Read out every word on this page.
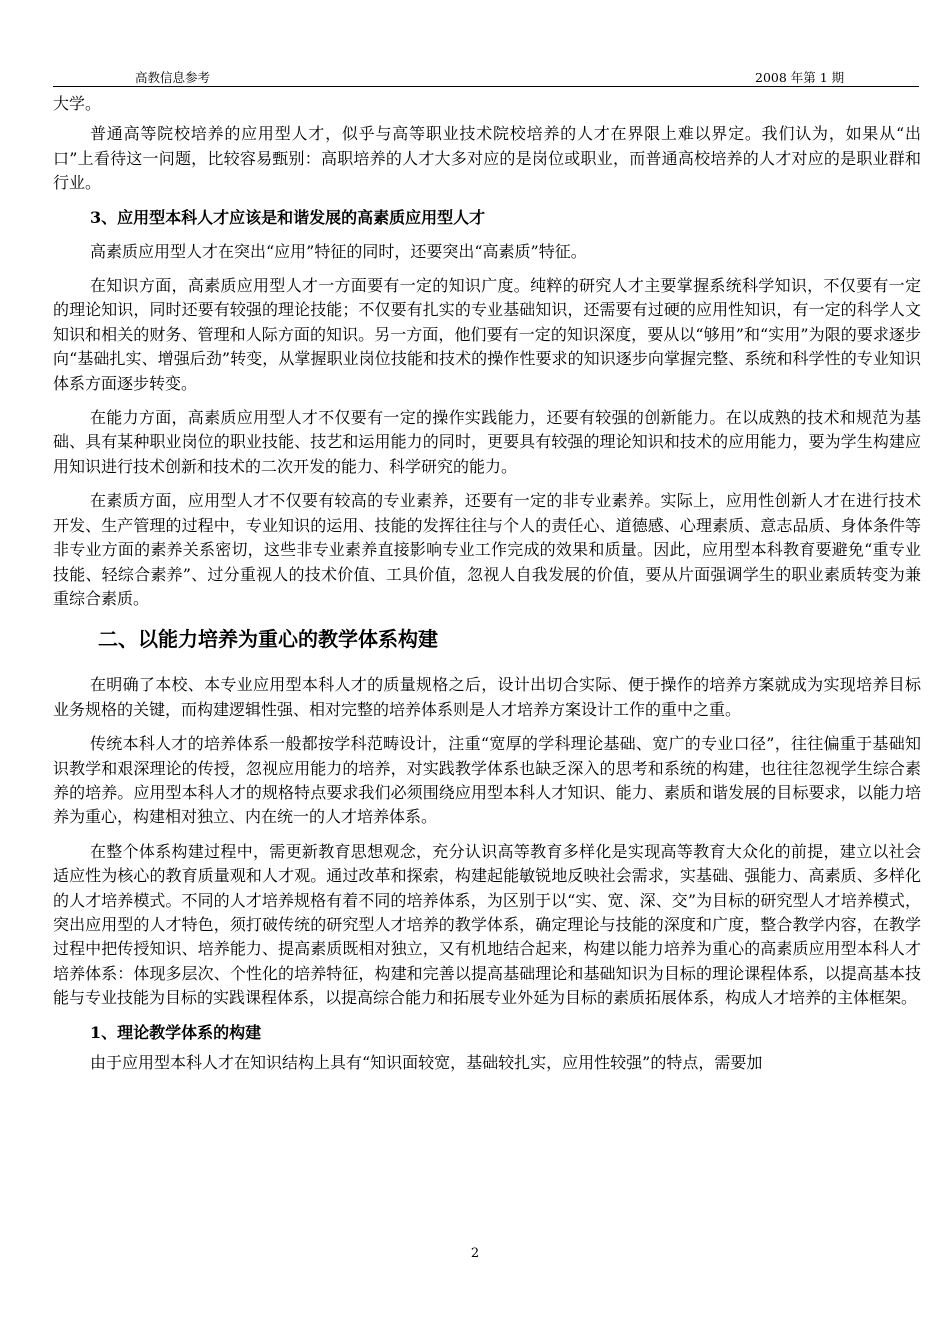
高教信息参考	2008 年第 1 期

大学。

普通高等院校培养的应用型人才，似乎与高等职业技术院校培养的人才在界限上难以界定。我们认为，如果从“出口”上看待这一问题，比较容易甄别：高职培养的人才大多对应的是岗位或职业，而普通高校培养的人才对应的是职业群和行业。

3、应用型本科人才应该是和谐发展的高素质应用型人才

高素质应用型人才在突出“应用”特征的同时，还要突出“高素质”特征。

在知识方面，高素质应用型人才一方面要有一定的知识广度。纯粹的研究人才主要掌握系统科学知识，不仅要有一定的理论知识，同时还要有较强的理论技能；不仅要有扎实的专业基础知识，还需要有过硬的应用性知识，有一定的科学人文知识和相关的财务、管理和人际方面的知识。另一方面，他们要有一定的知识深度，要从以“够用”和“实用”为限的要求逐步向“基础扎实、增强后劲”转变，从掌握职业岗位技能和技术的操作性要求的知识逐步向掌握完整、系统和科学性的专业知识体系方面逐步转变。

在能力方面，高素质应用型人才不仅要有一定的操作实践能力，还要有较强的创新能力。在以成熟的技术和规范为基础、具有某种职业岗位的职业技能、技艺和运用能力的同时，更要具有较强的理论知识和技术的应用能力，要为学生构建应用知识进行技术创新和技术的二次开发的能力、科学研究的能力。

在素质方面，应用型人才不仅要有较高的专业素养，还要有一定的非专业素养。实际上，应用性创新人才在进行技术开发、生产管理的过程中，专业知识的运用、技能的发挥往往与个人的责任心、道德感、心理素质、意志品质、身体条件等非专业方面的素养关系密切，这些非专业素养直接影响专业工作完成的效果和质量。因此，应用型本科教育要避免“重专业技能、轻综合素养”、过分重视人的技术价值、工具价值，忽视人自我发展的价值，要从片面强调学生的职业素质转变为兼重综合素质。

二、以能力培养为重心的教学体系构建

在明确了本校、本专业应用型本科人才的质量规格之后，设计出切合实际、便于操作的培养方案就成为实现培养目标业务规格的关键，而构建逻辑性强、相对完整的培养体系则是人才培养方案设计工作的重中之重。

传统本科人才的培养体系一般都按学科范畴设计，注重“宽厚的学科理论基础、宽广的专业口径”，往往偏重于基础知识教学和艰深理论的传授，忽视应用能力的培养，对实践教学体系也缺乏深入的思考和系统的构建，也往往忽视学生综合素养的培养。应用型本科人才的规格特点要求我们必须围绕应用型本科人才知识、能力、素质和谐发展的目标要求，以能力培养为重心，构建相对独立、内在统一的人才培养体系。

在整个体系构建过程中，需更新教育思想观念，充分认识高等教育多样化是实现高等教育大众化的前提，建立以社会适应性为核心的教育质量观和人才观。通过改革和探索，构建起能敏锐地反映社会需求，实基础、强能力、高素质、多样化的人才培养模式。不同的人才培养规格有着不同的培养体系，为区别于以“实、宽、深、交”为目标的研究型人才培养模式，突出应用型的人才特色，须打破传统的研究型人才培养的教学体系，确定理论与技能的深度和广度，整合教学内容，在教学过程中把传授知识、培养能力、提高素质既相对独立，又有机地结合起来，构建以能力培养为重心的高素质应用型本科人才培养体系：体现多层次、个性化的培养特征，构建和完善以提高基础理论和基础知识为目标的理论课程体系，以提高基本技能与专业技能为目标的实践课程体系，以提高综合能力和拓展专业外延为目标的素质拓展体系，构成人才培养的主体框架。

1、理论教学体系的构建

由于应用型本科人才在知识结构上具有“知识面较宽，基础较扎实，应用性较强”的特点，需要加

2
